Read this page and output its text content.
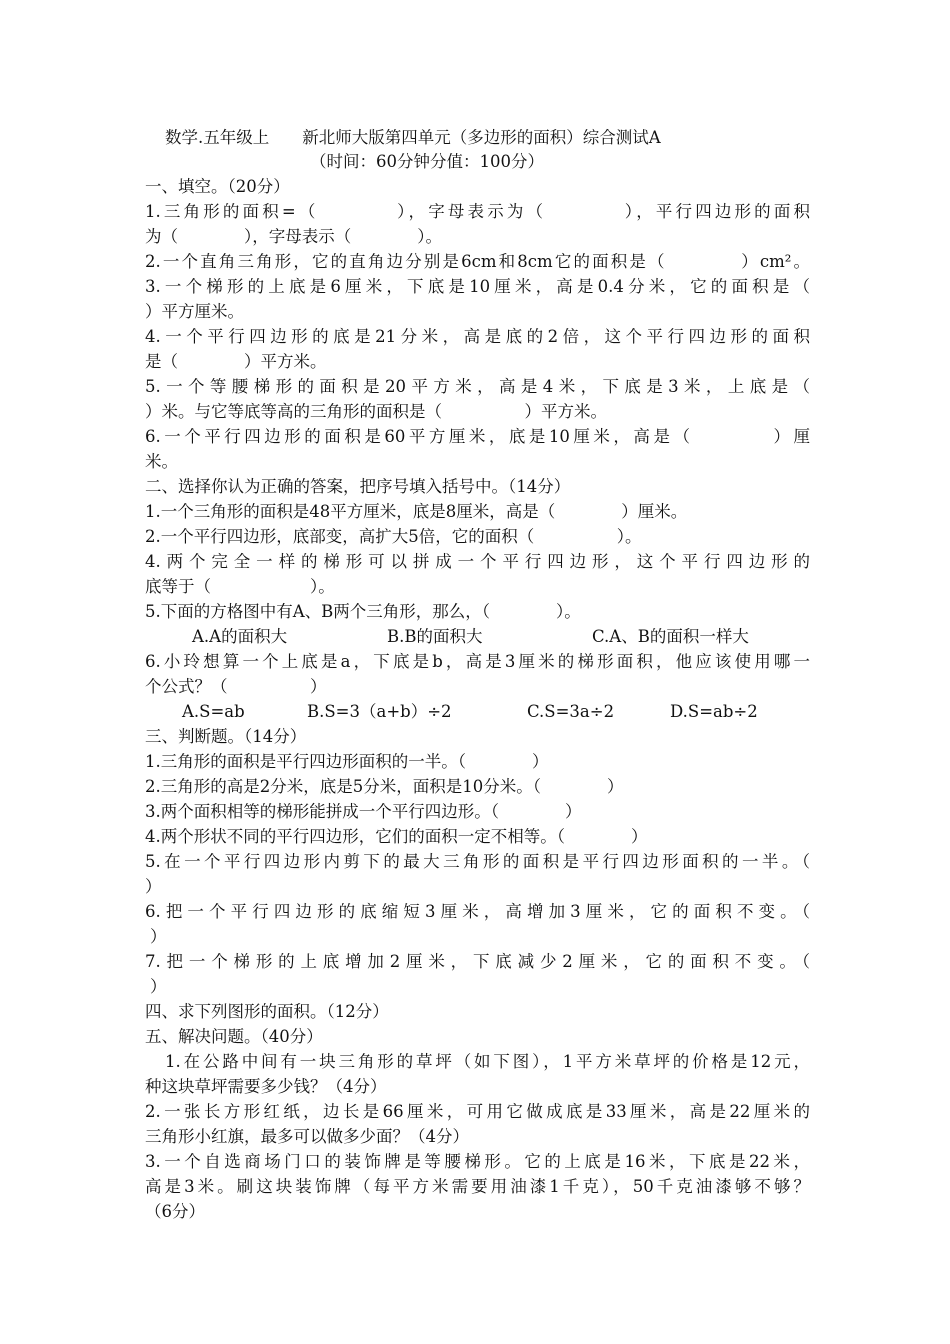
数学.五年级上　　新北师大版第四单元（多边形的面积）综合测试A
（时间：60分钟分值：100分）
一、填空。（20分）
1.三角形的面积=（　　　　），字母表示为（　　　　），平行四边形的面积
为（　　　　），字母表示（　　　　）。
2.一个直角三角形，它的直角边分别是6cm和8cm它的面积是（　　　　）cm²。
3.一个梯形的上底是6厘米，下底是10厘米，高是0.4分米，它的面积是（
）平方厘米。
4.一个平行四边形的底是21分米，高是底的2倍，这个平行四边形的面积
是（　　　　）平方米。
5.一个等腰梯形的面积是20平方米，高是4米，下底是3米，上底是（
）米。与它等底等高的三角形的面积是（　　　　　）平方米。
6.一个平行四边形的面积是60平方厘米，底是10厘米，高是（　　　　）厘
米。
二、选择你认为正确的答案，把序号填入括号中。（14分）
1.一个三角形的面积是48平方厘米，底是8厘米，高是（　　　　）厘米。
2.一个平行四边形，底部变，高扩大5倍，它的面积（　　　　　）。
4.两个完全一样的梯形可以拼成一个平行四边形，这个平行四边形的
底等于（　　　　　　）。
5.下面的方格图中有A、B两个三角形，那么，（　　　　）。
A.A的面积大	B.B的面积大	C.A、B的面积一样大
6.小玲想算一个上底是a，下底是b，高是3厘米的梯形面积，他应该使用哪一
个公式？（　　　　　）
A.S=ab	B.S=3（a+b）÷2	C.S=3a÷2	D.S=ab÷2
三、判断题。（14分）
1.三角形的面积是平行四边形面积的一半。（　　　　）
2.三角形的高是2分米，底是5分米，面积是10分米。（　　　　）
3.两个面积相等的梯形能拼成一个平行四边形。（　　　　）
4.两个形状不同的平行四边形，它们的面积一定不相等。（　　　　）
5.在一个平行四边形内剪下的最大三角形的面积是平行四边形面积的一半。（
）
6.把一个平行四边形的底缩短3厘米，高增加3厘米，它的面积不变。（
）
7.把一个梯形的上底增加2厘米，下底减少2厘米，它的面积不变。（
）
四、求下列图形的面积。（12分）
五、解决问题。（40分）
1.在公路中间有一块三角形的草坪（如下图），1平方米草坪的价格是12元，
种这块草坪需要多少钱？（4分）
2.一张长方形红纸，边长是66厘米，可用它做成底是33厘米，高是22厘米的
三角形小红旗，最多可以做多少面？（4分）
3.一个自选商场门口的装饰牌是等腰梯形。它的上底是16米，下底是22米，
高是3米。刷这块装饰牌（每平方米需要用油漆1千克），50千克油漆够不够？
（6分）
